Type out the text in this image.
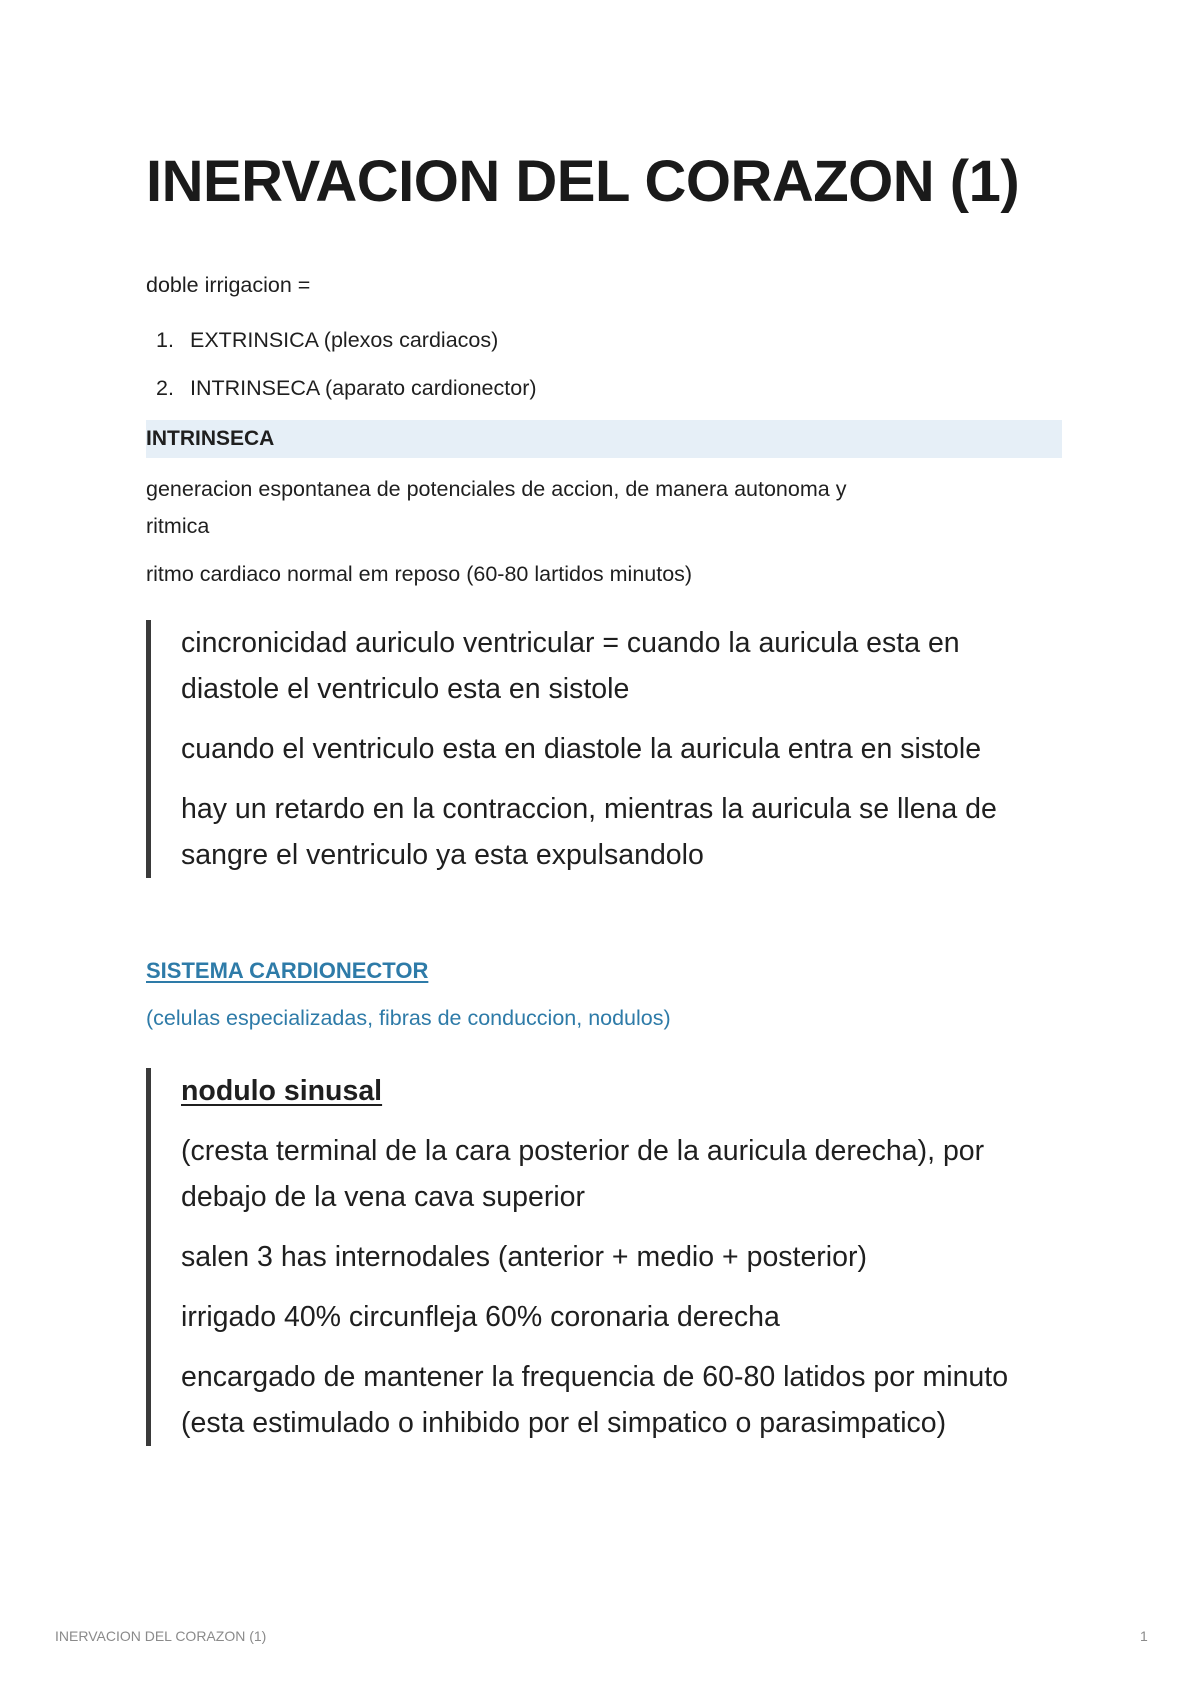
INERVACION DEL CORAZON (1)

doble irrigacion =

1. EXTRINSICA (plexos cardiacos)
2. INTRINSECA (aparato cardionector)
INTRINSECA

generacion espontanea de potenciales de accion, de manera autonoma y

ritmica

ritmo cardiaco normal em reposo (60-80 lartidos minutos)

cincronicidad auriculo ventricular = cuando la auricula esta en diastole el ventriculo esta en sistole

cuando el ventriculo esta en diastole la auricula entra en sistole

hay un retardo en la contraccion, mientras la auricula se llena de sangre el ventriculo ya esta expulsandolo

SISTEMA CARDIONECTOR
(celulas especializadas, fibras de conduccion, nodulos)

nodulo sinusal

(cresta terminal de la cara posterior de la auricula derecha), por debajo de la vena cava superior

salen 3 has internodales (anterior + medio + posterior)

irrigado 40% circunfleja 60% coronaria derecha

encargado de mantener la frequencia de 60-80 latidos por minuto (esta estimulado o inhibido por el simpatico o parasimpatico)

INERVACION DEL CORAZON (1)	1
